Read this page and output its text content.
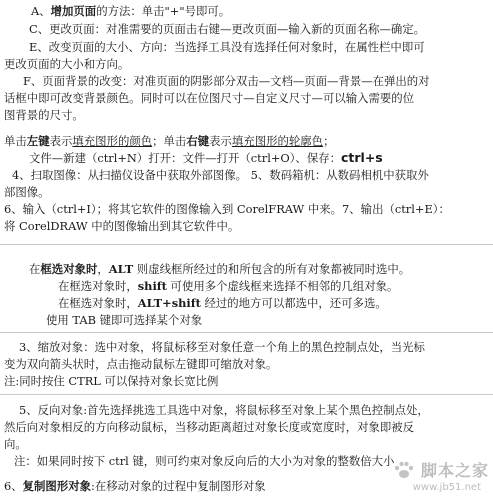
A、增加页面的方法：单击"+"号即可。
C、更改页面：对准需要的页面击右键—更改页面—输入新的页面名称—确定。
E、改变页面的大小、方向：当选择工具没有选择任何对象时，在属性栏中即可
更改页面的大小和方向。
F、页面背景的改变：对准页面的阴影部分双击—文档—页面—背景—在弹出的对
话框中即可改变背景颜色。同时可以在位图尺寸—自定义尺寸—可以输入需要的位
图背景的尺寸。
单击左键表示填充图形的颜色；单击右键表示填充图形的轮廓色；
文件—新建（ctrl+N）打开：文件—打开（ctrl+O）、保存：ctrl+s
4、扫取图像：从扫描仪设备中获取外部图像。 5、数码箱机：从数码相机中获取外
部图像。
6、输入（ctrl+I）；将其它软件的图像输入到 CorelFRAW 中来。7、输出（ctrl+E）：
将 CorelDRAW 中的图像输出到其它软件中。
在框选对象时，ALT 则虚线框所经过的和所包含的所有对象都被同时选中。
在框选对象时，shift 可使用多个虚线框来选择不相邻的几组对象。
在框选对象时，ALT+shift 经过的地方可以都选中，还可多选。
使用 TAB 键即可选择某个对象
3、缩放对象：选中对象，将鼠标移至对象任意一个角上的黑色控制点处，当光标
变为双向箭头状时，点击拖动鼠标左键即可缩放对象。
注:同时按住 CTRL 可以保持对象长宽比例
5、反向对象:首先选择挑选工具选中对象，将鼠标移至对象上某个黑色控制点处，
然后向对象相反的方向移动鼠标，当移动距离超过对象长度或宽度时，对象即被反
向。
注：如果同时按下 ctrl 键，则可约束对象反向后的大小为对象的整数倍大小
6、复制图形对象:在移动对象的过程中复制图形对象
脚本之家
www.jb51.net
